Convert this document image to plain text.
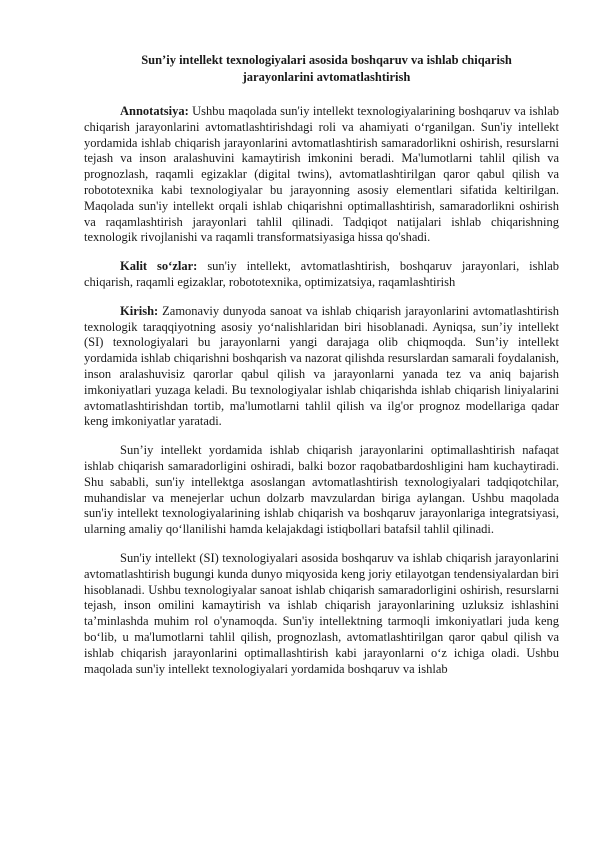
Sun’iy intellekt texnologiyalari asosida boshqaruv va ishlab chiqarish
jarayonlarini avtomatlashtirish

Annotatsiya: Ushbu maqolada sun'iy intellekt texnologiyalarining boshqaruv va ishlab chiqarish jarayonlarini avtomatlashtirishdagi roli va ahamiyati o‘rganilgan. Sun'iy intellekt yordamida ishlab chiqarish jarayonlarini avtomatlashtirish samaradorlikni oshirish, resurslarni tejash va inson aralashuvini kamaytirish imkonini beradi. Ma'lumotlarni tahlil qilish va prognozlash, raqamli egizaklar (digital twins), avtomatlashtirilgan qaror qabul qilish va robototexnika kabi texnologiyalar bu jarayonning asosiy elementlari sifatida keltirilgan. Maqolada sun'iy intellekt orqali ishlab chiqarishni optimallashtirish, samaradorlikni oshirish va raqamlashtirish jarayonlari tahlil qilinadi. Tadqiqot natijalari ishlab chiqarishning texnologik rivojlanishi va raqamli transformatsiyasiga hissa qo'shadi.

Kalit so‘zlar: sun'iy intellekt, avtomatlashtirish, boshqaruv jarayonlari, ishlab chiqarish, raqamli egizaklar, robototexnika, optimizatsiya, raqamlashtirish

Kirish: Zamonaviy dunyoda sanoat va ishlab chiqarish jarayonlarini avtomatlashtirish texnologik taraqqiyotning asosiy yo‘nalishlaridan biri hisoblanadi. Ayniqsa, sun’iy intellekt (SI) texnologiyalari bu jarayonlarni yangi darajaga olib chiqmoqda. Sun’iy intellekt yordamida ishlab chiqarishni boshqarish va nazorat qilishda resurslardan samarali foydalanish, inson aralashuvisiz qarorlar qabul qilish va jarayonlarni yanada tez va aniq bajarish imkoniyatlari yuzaga keladi. Bu texnologiyalar ishlab chiqarishda ishlab chiqarish liniyalarini avtomatlashtirishdan tortib, ma'lumotlarni tahlil qilish va ilg'or prognoz modellariga qadar keng imkoniyatlar yaratadi.

Sun’iy intellekt yordamida ishlab chiqarish jarayonlarini optimallashtirish nafaqat ishlab chiqarish samaradorligini oshiradi, balki bozor raqobatbardoshligini ham kuchaytiradi. Shu sababli, sun'iy intellektga asoslangan avtomatlashtirish texnologiyalari tadqiqotchilar, muhandislar va menejerlar uchun dolzarb mavzulardan biriga aylangan. Ushbu maqolada sun'iy intellekt texnologiyalarining ishlab chiqarish va boshqaruv jarayonlariga integratsiyasi, ularning amaliy qo‘llanilishi hamda kelajakdagi istiqbollari batafsil tahlil qilinadi.

Sun'iy intellekt (SI) texnologiyalari asosida boshqaruv va ishlab chiqarish jarayonlarini avtomatlashtirish bugungi kunda dunyo miqyosida keng joriy etilayotgan tendensiyalardan biri hisoblanadi. Ushbu texnologiyalar sanoat ishlab chiqarish samaradorligini oshirish, resurslarni tejash, inson omilini kamaytirish va ishlab chiqarish jarayonlarining uzluksiz ishlashini ta’minlashda muhim rol o'ynamoqda. Sun'iy intellektning tarmoqli imkoniyatlari juda keng bo‘lib, u ma'lumotlarni tahlil qilish, prognozlash, avtomatlashtirilgan qaror qabul qilish va ishlab chiqarish jarayonlarini optimallashtirish kabi jarayonlarni o‘z ichiga oladi. Ushbu maqolada sun'iy intellekt texnologiyalari yordamida boshqaruv va ishlab
